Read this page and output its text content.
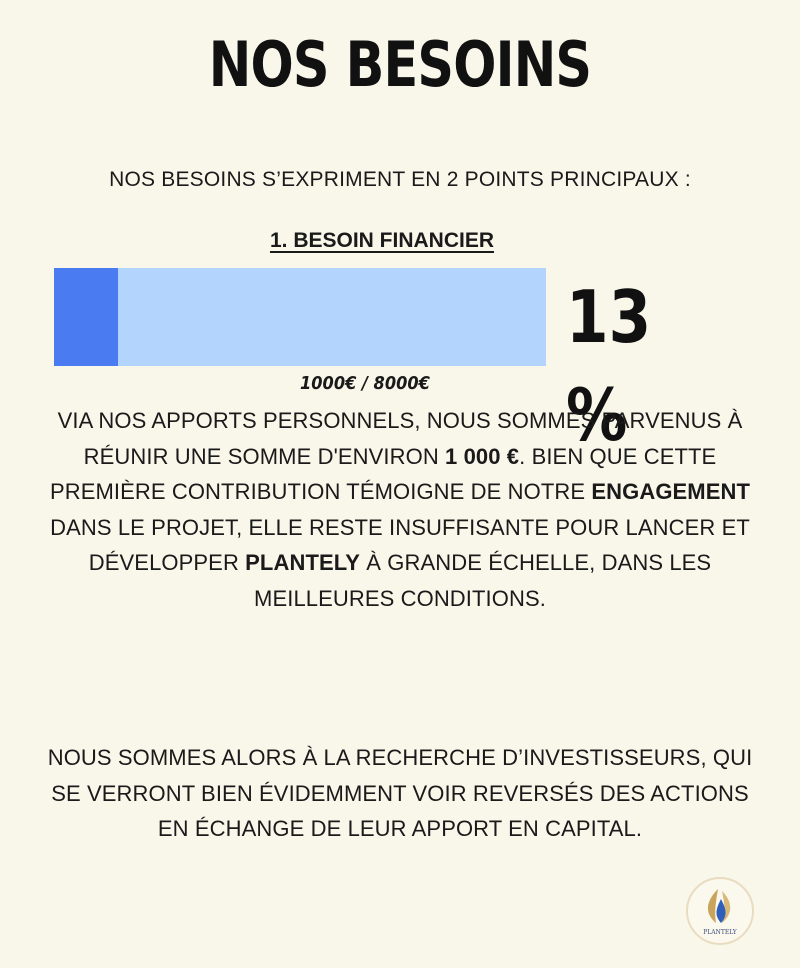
NOS BESOINS
NOS BESOINS S’EXPRIMENT EN 2 POINTS PRINCIPAUX :
1. BESOIN FINANCIER
13 %
1000€ / 8000€
VIA NOS APPORTS PERSONNELS, NOUS SOMMES PARVENUS À RÉUNIR UNE SOMME D'ENVIRON 1 000 €. BIEN QUE CETTE PREMIÈRE CONTRIBUTION TÉMOIGNE DE NOTRE ENGAGEMENT DANS LE PROJET, ELLE RESTE INSUFFISANTE POUR LANCER ET DÉVELOPPER PLANTELY À GRANDE ÉCHELLE, DANS LES MEILLEURES CONDITIONS.
NOUS SOMMES ALORS À LA RECHERCHE D’INVESTISSEURS, QUI SE VERRONT BIEN ÉVIDEMMENT VOIR REVERSÉS DES ACTIONS EN ÉCHANGE DE LEUR APPORT EN CAPITAL.
PLANTELY
